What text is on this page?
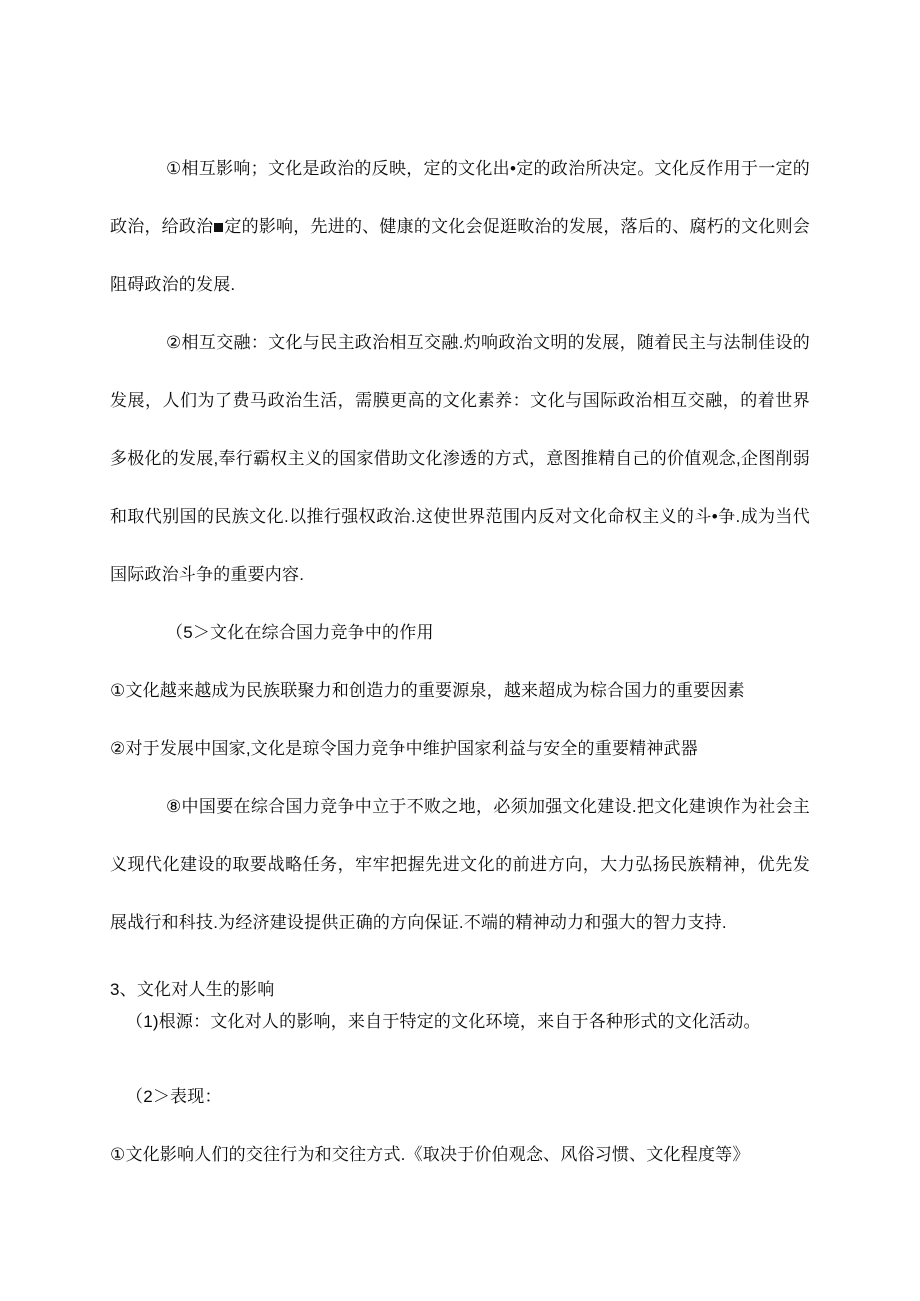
①相互影响；文化是政治的反映，定的文化出•定的政治所决定。文化反作用于一定的政治，给政治 定的影响，先进的、健康的文化会促逛畋治的发展，落后的、腐朽的文化则会阻碍政治的发展.

②相互交融：文化与民主政治相互交融.灼响政治文明的发展，随着民主与法制佳设的发展，人们为了费马政治生活，需膜更高的文化素养：文化与国际政治相互交融，的着世界多极化的发展,奉行霸权主义的国家借助文化渗透的方式，意图推精自己的价值观念,企图削弱和取代别国的民族文化.以推行强权政治.这使世界范围内反对文化命权主义的斗•争.成为当代国际政治斗争的重要内容.

（5＞文化在综合国力竞争中的作用

①文化越来越成为民族联聚力和创造力的重要源泉，越来超成为棕合国力的重要因素

②对于发展中国家,文化是琼令国力竞争中维护国家利益与安全的重要精神武器

⑧中国要在综合国力竞争中立于不败之地，必须加强文化建设.把文化建谀作为社会主义现代化建设的取要战略任务，牢牢把握先进文化的前进方向，大力弘扬民族精神，优先发展战行和科技.为经济建设提供正确的方向保证.不端的精神动力和强大的智力支持.

3、文化对人生的影响

（1)根源：文化对人的影响，来自于特定的文化环境，来自于各种形式的文化活动。

（2＞表现：

①文化影响人们的交往行为和交往方式.《取决于价伯观念、风俗习惯、文化程度等》
